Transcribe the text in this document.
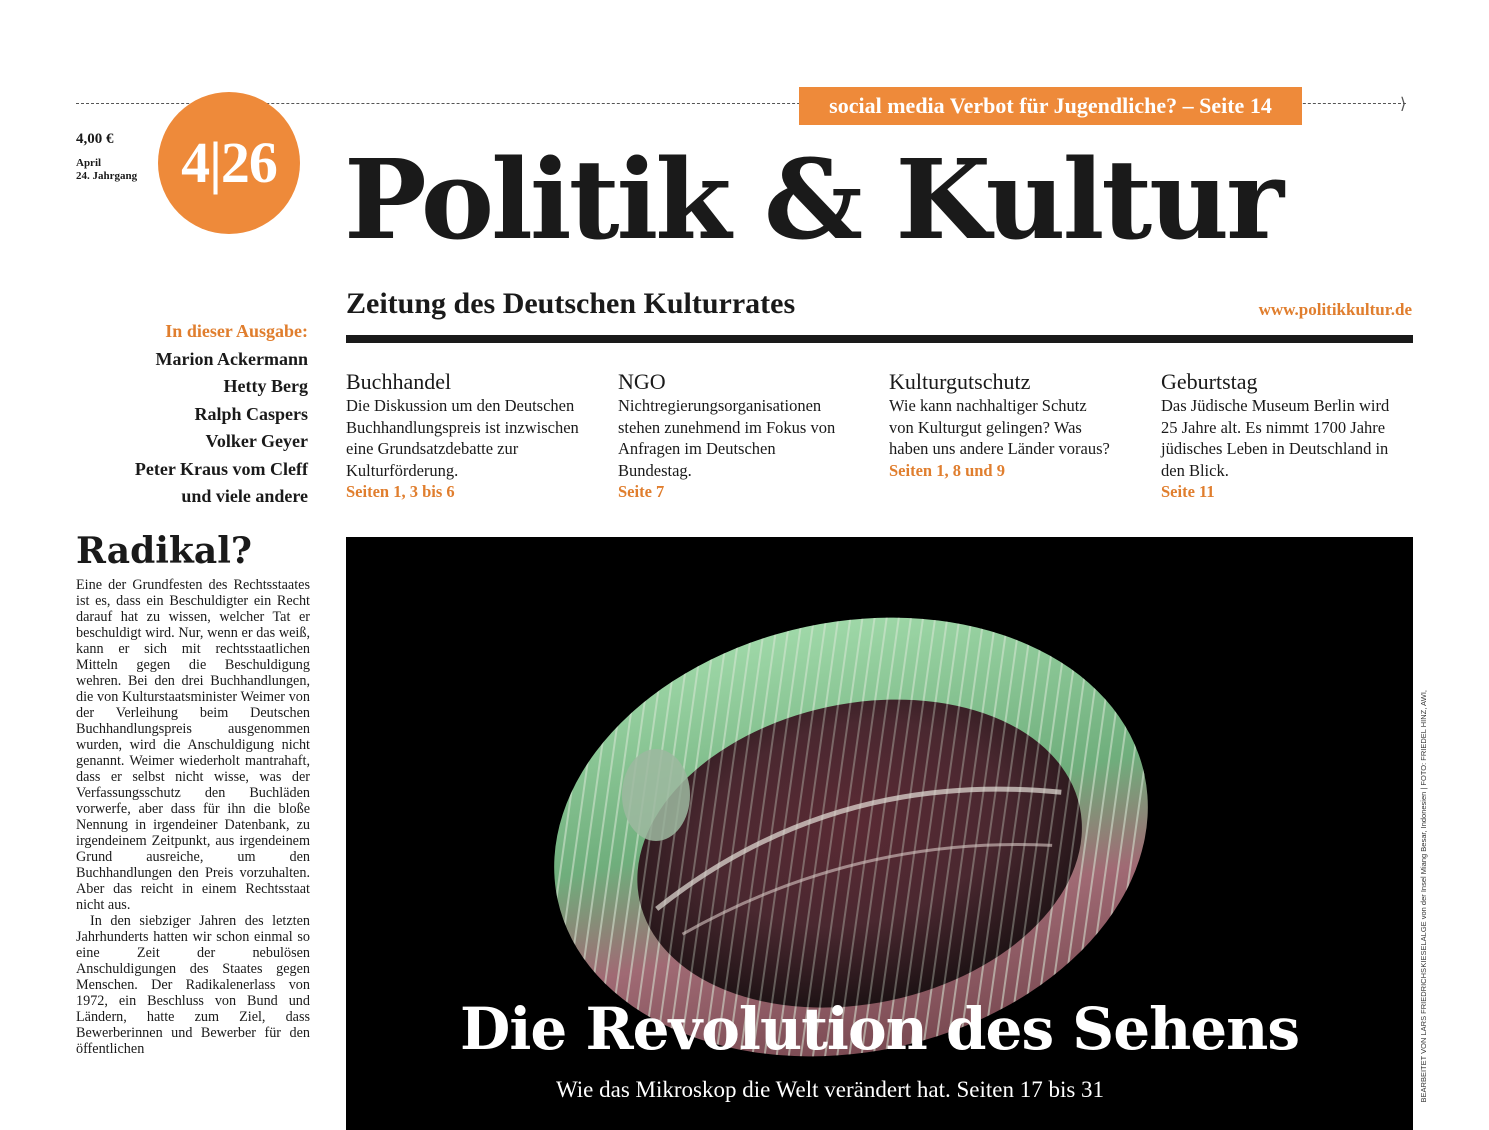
⟩
social media Verbot für Jugendliche? – Seite 14
4,00 €
April
24. Jahrgang 4|26 Politik & Kultur
Zeitung des Deutschen Kulturrates	www.politikkultur.de
In dieser Ausgabe:
Marion Ackermann
Hetty Berg
Ralph Caspers
Volker Geyer
Peter Kraus vom Cleff
und viele andere
Buchhandel
Die Diskussion um den Deutschen Buchhandlungspreis ist inzwischen eine Grundsatzdebatte zur Kulturförderung.
Seiten 1, 3 bis 6
NGO
Nichtregierungsorganisationen stehen zunehmend im Fokus von Anfragen im Deutschen Bundestag.
Seite 7
Kulturgutschutz
Wie kann nachhaltiger Schutz von Kulturgut gelingen? Was haben uns andere Länder voraus?
Seiten 1, 8 und 9
Geburtstag
Das Jüdische Museum Berlin wird 25 Jahre alt. Es nimmt 1700 Jahre jüdisches Leben in Deutschland in den Blick.
Seite 11
Radikal?

Eine der Grundfesten des Rechtsstaates ist es, dass ein Beschuldigter ein Recht darauf hat zu wissen, welcher Tat er beschuldigt wird. Nur, wenn er das weiß, kann er sich mit rechtsstaatlichen Mitteln gegen die Beschuldigung wehren. Bei den drei Buchhandlungen, die von Kulturstaatsminister Weimer von der Verleihung beim Deutschen Buchhandlungspreis ausgenommen wurden, wird die Anschuldigung nicht genannt. Weimer wiederholt mantrahaft, dass er selbst nicht wisse, was der Verfassungsschutz den Buchläden vorwerfe, aber dass für ihn die bloße Nennung in irgendeiner Datenbank, zu irgendeinem Zeitpunkt, aus irgendeinem Grund ausreiche, um den Buchhandlungen den Preis vorzuhalten. Aber das reicht in einem Rechtsstaat nicht aus.

In den siebziger Jahren des letzten Jahrhunderts hatten wir schon einmal so eine Zeit der nebulösen Anschuldigungen des Staates gegen Menschen. Der Radikalenerlass von 1972, ein Beschluss von Bund und Ländern, hatte zum Ziel, dass Bewerberinnen und Bewerber für den öffentlichen	Die Revolution des Sehens
Wie das Mikroskop die Welt verändert hat. Seiten 17 bis 31
KIESELALGE von der Insel Miang Besar, Indonesien | FOTO: FRIEDEL HINZ, AWI,
BEARBEITET VON LARS FRIEDRICHS
